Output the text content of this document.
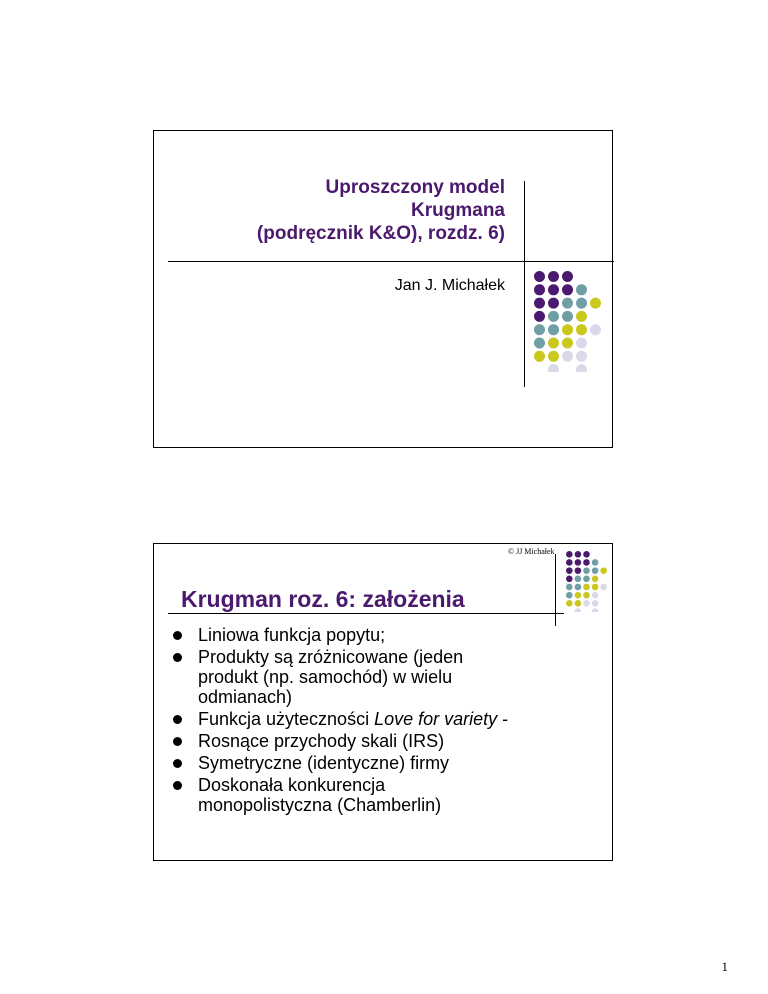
Uproszczony model
Krugmana
(podręcznik K&O), rozdz. 6)
Jan J. Michałek
© JJ Michałek
Krugman roz. 6: założenia
Liniowa funkcja popytu;
Produkty są zróżnicowane (jeden
produkt (np. samochód) w wielu
odmianach)
Funkcja użyteczności Love for variety -
Rosnące przychody skali (IRS)
Symetryczne (identyczne) firmy
Doskonała konkurencja
monopolistyczna (Chamberlin)
1
